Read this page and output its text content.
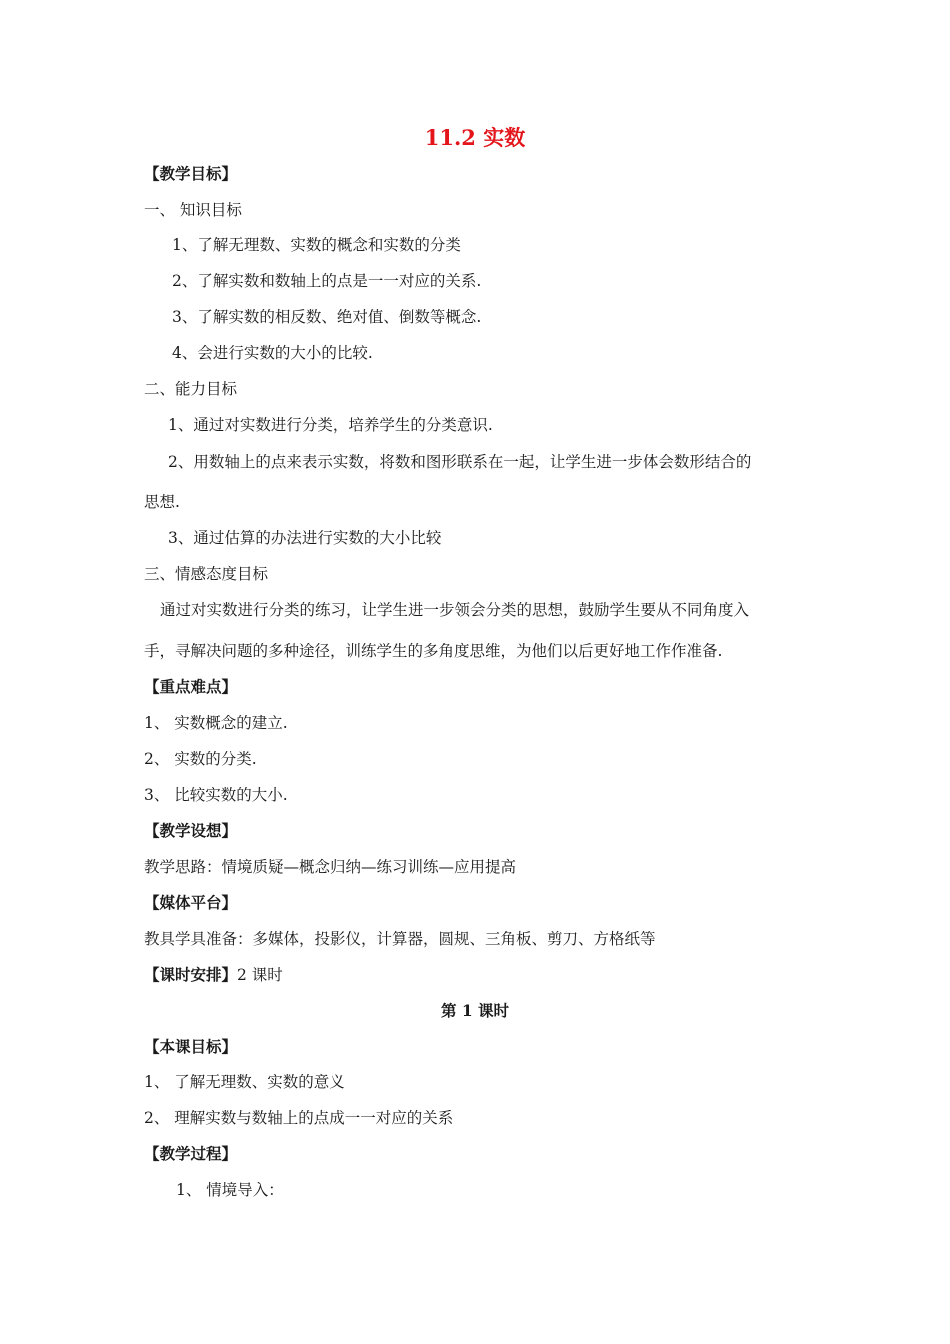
11.2 实数
【教学目标】
一、 知识目标
1、了解无理数、实数的概念和实数的分类
2、了解实数和数轴上的点是一一对应的关系.
3、了解实数的相反数、绝对值、倒数等概念.
4、会进行实数的大小的比较.
二、能力目标
1、通过对实数进行分类，培养学生的分类意识.
2、用数轴上的点来表示实数，将数和图形联系在一起，让学生进一步体会数形结合的
思想.
3、通过估算的办法进行实数的大小比较
三、情感态度目标
通过对实数进行分类的练习，让学生进一步领会分类的思想，鼓励学生要从不同角度入
手，寻解决问题的多种途径，训练学生的多角度思维，为他们以后更好地工作作准备.
【重点难点】
1、 实数概念的建立.
2、 实数的分类.
3、 比较实数的大小.
【教学设想】
教学思路：情境质疑—概念归纳—练习训练—应用提高
【媒体平台】
教具学具准备：多媒体，投影仪，计算器，圆规、三角板、剪刀、方格纸等
【课时安排】2 课时
第 1 课时
【本课目标】
1、 了解无理数、实数的意义
2、 理解实数与数轴上的点成一一对应的关系
【教学过程】
1、 情境导入：
